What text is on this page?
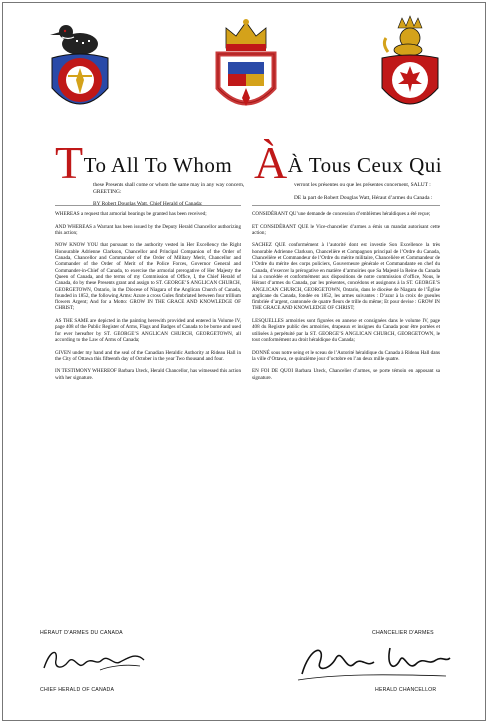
TTo All To Whom
these Presents shall come or whom the same may in any way concern, GREETING:
BY Robert Douglas Watt, Chief Herald of Canada:
ÀÀ Tous Ceux Qui
verront les présentes ou que les présentes concernent, SALUT :
DE la part de Robert Douglas Watt, Héraut d’armes du Canada :

WHEREAS a request that armorial bearings be granted has been received;

AND WHEREAS a Warrant has been issued by the Deputy Herald Chancellor authorizing this action;

NOW KNOW YOU that pursuant to the authority vested in Her Excellency the Right Honourable Adrienne Clarkson, Chancellor and Principal Companion of the Order of Canada, Chancellor and Commander of the Order of Military Merit, Chancellor and Commander of the Order of Merit of the Police Forces, Governor General and Commander-in-Chief of Canada, to exercise the armorial prerogative of Her Majesty the Queen of Canada, and the terms of my Commission of Office, I, the Chief Herald of Canada, do by these Presents grant and assign to ST. GEORGE’S ANGLICAN CHURCH, GEORGETOWN, Ontario, in the Diocese of Niagara of the Anglican Church of Canada, founded in 1852, the following Arms: Azure a cross Gules fimbriated between four trillium flowers Argent; And for a Motto: GROW IN THE GRACE AND KNOWLEDGE OF CHRIST;

AS THE SAME are depicted in the painting herewith provided and entered in Volume IV, page 408 of the Public Register of Arms, Flags and Badges of Canada to be borne and used for ever hereafter by ST. GEORGE’S ANGLICAN CHURCH, GEORGETOWN, all according to the Law of Arms of Canada;

GIVEN under my hand and the seal of the Canadian Heraldic Authority at Rideau Hall in the City of Ottawa this fifteenth day of October in the year Two thousand and four.

IN TESTIMONY WHEREOF Barbara Uteck, Herald Chancellor, has witnessed this action with her signature.

CONSIDÉRANT QU’une demande de concession d’emblèmes héraldiques a été reçue;

ET CONSIDÉRANT QUE le Vice-chancelier d’armes a émis un mandat autorisant cette action;

SACHEZ QUE conformément à l’autorité dont est investie Son Excellence la très honorable Adrienne Clarkson, Chancelière et Compagnon principal de l’Ordre du Canada, Chancelière et Commandeur de l’Ordre du mérite militaire, Chancelière et Commandeur de l’Ordre du mérite des corps policiers, Gouverneure générale et Commandante en chef du Canada, d’exercer la prérogative en matière d’armoiries que Sa Majesté la Reine du Canada lui a concédée et conformément aux dispositions de notre commission d’office, Nous, le Héraut d’armes du Canada, par les présentes, concédons et assignons à la ST. GEORGE’S ANGLICAN CHURCH, GEORGETOWN, Ontario, dans le diocèse de Niagara de l’Église anglicane du Canada, fondée en 1852, les armes suivantes : D’azur à la croix de gueules fimbriée d’argent, cantonnée de quatre fleurs de trille du même; Et pour devise : GROW IN THE GRACE AND KNOWLEDGE OF CHRIST;

LESQUELLES armoiries sont figurées en annexe et consignées dans le volume IV, page 408 du Registre public des armoiries, drapeaux et insignes du Canada pour être portées et utilisées à perpétuité par la ST. GEORGE’S ANGLICAN CHURCH, GEORGETOWN, le tout conformément au droit héraldique du Canada;

DONNÉ sous notre seing et le sceau de l’Autorité héraldique du Canada à Rideau Hall dans la ville d’Ottawa, ce quinzième jour d’octobre en l’an deux mille quatre.

EN FOI DE QUOI Barbara Uteck, Chancelier d’armes, se porte témoin en apposant sa signature.

HÉRAUT D’ARMES DU CANADA
CHIEF HERALD OF CANADA
CHANCELIER D’ARMES
HERALD CHANCELLOR
